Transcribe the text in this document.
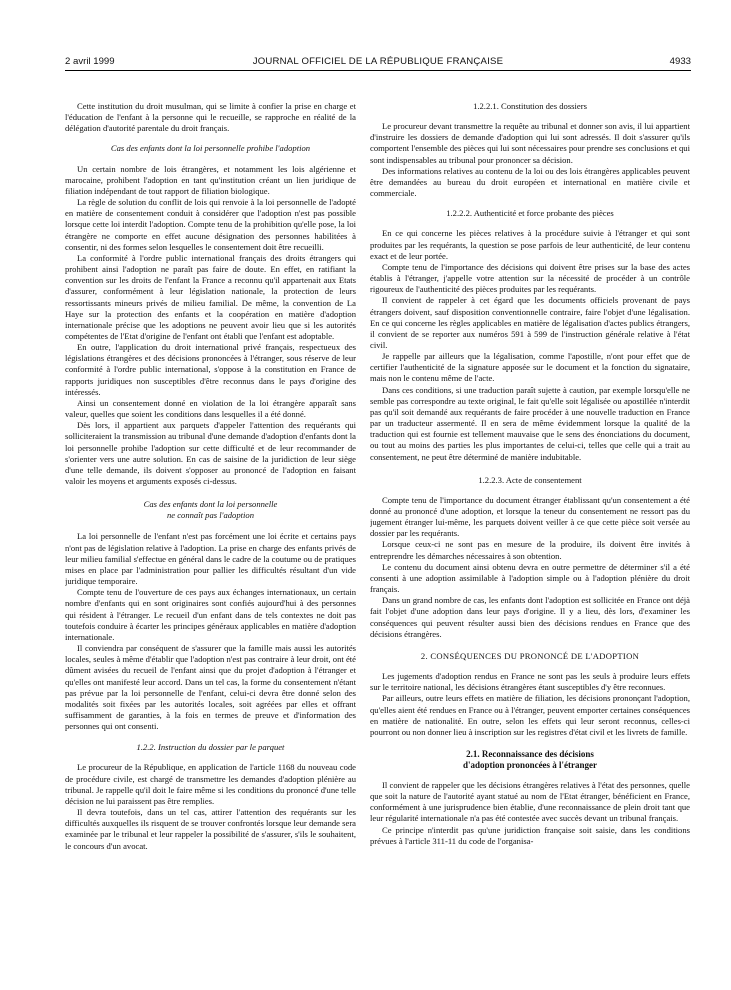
2 avril 1999	JOURNAL OFFICIEL DE LA RÉPUBLIQUE FRANÇAISE	4933

Cette institution du droit musulman, qui se limite à confier la prise en charge et l'éducation de l'enfant à la personne qui le recueille, se rapproche en réalité de la délégation d'autorité parentale du droit français.

Cas des enfants dont la loi personnelle prohibe l'adoption

Un certain nombre de lois étrangères, et notamment les lois algérienne et marocaine, prohibent l'adoption en tant qu'institution créant un lien juridique de filiation indépendant de tout rapport de filiation biologique.

La règle de solution du conflit de lois qui renvoie à la loi personnelle de l'adopté en matière de consentement conduit à considérer que l'adoption n'est pas possible lorsque cette loi interdit l'adoption. Compte tenu de la prohibition qu'elle pose, la loi étrangère ne comporte en effet aucune désignation des personnes habilitées à consentir, ni des formes selon lesquelles le consentement doit être recueilli.

La conformité à l'ordre public international français des droits étrangers qui prohibent ainsi l'adoption ne paraît pas faire de doute. En effet, en ratifiant la convention sur les droits de l'enfant la France a reconnu qu'il appartenait aux Etats d'assurer, conformément à leur législation nationale, la protection de leurs ressortissants mineurs privés de milieu familial. De même, la convention de La Haye sur la protection des enfants et la coopération en matière d'adoption internationale précise que les adoptions ne peuvent avoir lieu que si les autorités compétentes de l'Etat d'origine de l'enfant ont établi que l'enfant est adoptable.

En outre, l'application du droit international privé français, respectueux des législations étrangères et des décisions prononcées à l'étranger, sous réserve de leur conformité à l'ordre public international, s'oppose à la constitution en France de rapports juridiques non susceptibles d'être reconnus dans le pays d'origine des intéressés.

Ainsi un consentement donné en violation de la loi étrangère apparaît sans valeur, quelles que soient les conditions dans lesquelles il a été donné.

Dès lors, il appartient aux parquets d'appeler l'attention des requérants qui solliciteraient la transmission au tribunal d'une demande d'adoption d'enfants dont la loi personnelle prohibe l'adoption sur cette difficulté et de leur recommander de s'orienter vers une autre solution. En cas de saisine de la juridiction de leur siège d'une telle demande, ils doivent s'opposer au prononcé de l'adoption en faisant valoir les moyens et arguments exposés ci-dessus.

Cas des enfants dont la loi personnelle
ne connaît pas l'adoption

La loi personnelle de l'enfant n'est pas forcément une loi écrite et certains pays n'ont pas de législation relative à l'adoption. La prise en charge des enfants privés de leur milieu familial s'effectue en général dans le cadre de la coutume ou de pratiques mises en place par l'administration pour pallier les difficultés résultant d'un vide juridique temporaire.

Compte tenu de l'ouverture de ces pays aux échanges internationaux, un certain nombre d'enfants qui en sont originaires sont confiés aujourd'hui à des personnes qui résident à l'étranger. Le recueil d'un enfant dans de tels contextes ne doit pas toutefois conduire à écarter les principes généraux applicables en matière d'adoption internationale.

Il conviendra par conséquent de s'assurer que la famille mais aussi les autorités locales, seules à même d'établir que l'adoption n'est pas contraire à leur droit, ont été dûment avisées du recueil de l'enfant ainsi que du projet d'adoption à l'étranger et qu'elles ont manifesté leur accord. Dans un tel cas, la forme du consentement n'étant pas prévue par la loi personnelle de l'enfant, celui-ci devra être donné selon des modalités soit fixées par les autorités locales, soit agréées par elles et offrant suffisamment de garanties, à la fois en termes de preuve et d'information des personnes qui ont consenti.

1.2.2. Instruction du dossier par le parquet

Le procureur de la République, en application de l'article 1168 du nouveau code de procédure civile, est chargé de transmettre les demandes d'adoption plénière au tribunal. Je rappelle qu'il doit le faire même si les conditions du prononcé d'une telle décision ne lui paraissent pas être remplies.

Il devra toutefois, dans un tel cas, attirer l'attention des requérants sur les difficultés auxquelles ils risquent de se trouver confrontés lorsque leur demande sera examinée par le tribunal et leur rappeler la possibilité de s'assurer, s'ils le souhaitent, le concours d'un avocat.

1.2.2.1. Constitution des dossiers

Le procureur devant transmettre la requête au tribunal et donner son avis, il lui appartient d'instruire les dossiers de demande d'adoption qui lui sont adressés. Il doit s'assurer qu'ils comportent l'ensemble des pièces qui lui sont nécessaires pour prendre ses conclusions et qui sont indispensables au tribunal pour prononcer sa décision.

Des informations relatives au contenu de la loi ou des lois étrangères applicables peuvent être demandées au bureau du droit européen et international en matière civile et commerciale.

1.2.2.2. Authenticité et force probante des pièces

En ce qui concerne les pièces relatives à la procédure suivie à l'étranger et qui sont produites par les requérants, la question se pose parfois de leur authenticité, de leur contenu exact et de leur portée.

Compte tenu de l'importance des décisions qui doivent être prises sur la base des actes établis à l'étranger, j'appelle votre attention sur la nécessité de procéder à un contrôle rigoureux de l'authenticité des pièces produites par les requérants.

Il convient de rappeler à cet égard que les documents officiels provenant de pays étrangers doivent, sauf disposition conventionnelle contraire, faire l'objet d'une légalisation. En ce qui concerne les règles applicables en matière de légalisation d'actes publics étrangers, il convient de se reporter aux numéros 591 à 599 de l'instruction générale relative à l'état civil.

Je rappelle par ailleurs que la légalisation, comme l'apostille, n'ont pour effet que de certifier l'authenticité de la signature apposée sur le document et la fonction du signataire, mais non le contenu même de l'acte.

Dans ces conditions, si une traduction paraît sujette à caution, par exemple lorsqu'elle ne semble pas correspondre au texte original, le fait qu'elle soit légalisée ou apostillée n'interdit pas qu'il soit demandé aux requérants de faire procéder à une nouvelle traduction en France par un traducteur assermenté. Il en sera de même évidemment lorsque la qualité de la traduction qui est fournie est tellement mauvaise que le sens des énonciations du document, ou tout au moins des parties les plus importantes de celui-ci, telles que celle qui a trait au consentement, ne peut être déterminé de manière indubitable.

1.2.2.3. Acte de consentement

Compte tenu de l'importance du document étranger établissant qu'un consentement a été donné au prononcé d'une adoption, et lorsque la teneur du consentement ne ressort pas du jugement étranger lui-même, les parquets doivent veiller à ce que cette pièce soit versée au dossier par les requérants.

Lorsque ceux-ci ne sont pas en mesure de la produire, ils doivent être invités à entreprendre les démarches nécessaires à son obtention.

Le contenu du document ainsi obtenu devra en outre permettre de déterminer s'il a été consenti à une adoption assimilable à l'adoption simple ou à l'adoption plénière du droit français.

Dans un grand nombre de cas, les enfants dont l'adoption est sollicitée en France ont déjà fait l'objet d'une adoption dans leur pays d'origine. Il y a lieu, dès lors, d'examiner les conséquences qui peuvent résulter aussi bien des décisions rendues en France que des décisions étrangères.

2. CONSÉQUENCES DU PRONONCÉ DE L'ADOPTION

Les jugements d'adoption rendus en France ne sont pas les seuls à produire leurs effets sur le territoire national, les décisions étrangères étant susceptibles d'y être reconnues.

Par ailleurs, outre leurs effets en matière de filiation, les décisions prononçant l'adoption, qu'elles aient été rendues en France ou à l'étranger, peuvent emporter certaines conséquences en matière de nationalité. En outre, selon les effets qui leur seront reconnus, celles-ci pourront ou non donner lieu à inscription sur les registres d'état civil et les livrets de famille.

2.1. Reconnaissance des décisions
d'adoption prononcées à l'étranger

Il convient de rappeler que les décisions étrangères relatives à l'état des personnes, quelle que soit la nature de l'autorité ayant statué au nom de l'Etat étranger, bénéficient en France, conformément à une jurisprudence bien établie, d'une reconnaissance de plein droit tant que leur régularité internationale n'a pas été contestée avec succès devant un tribunal français.

Ce principe n'interdit pas qu'une juridiction française soit saisie, dans les conditions prévues à l'article 311-11 du code de l'organisa-
